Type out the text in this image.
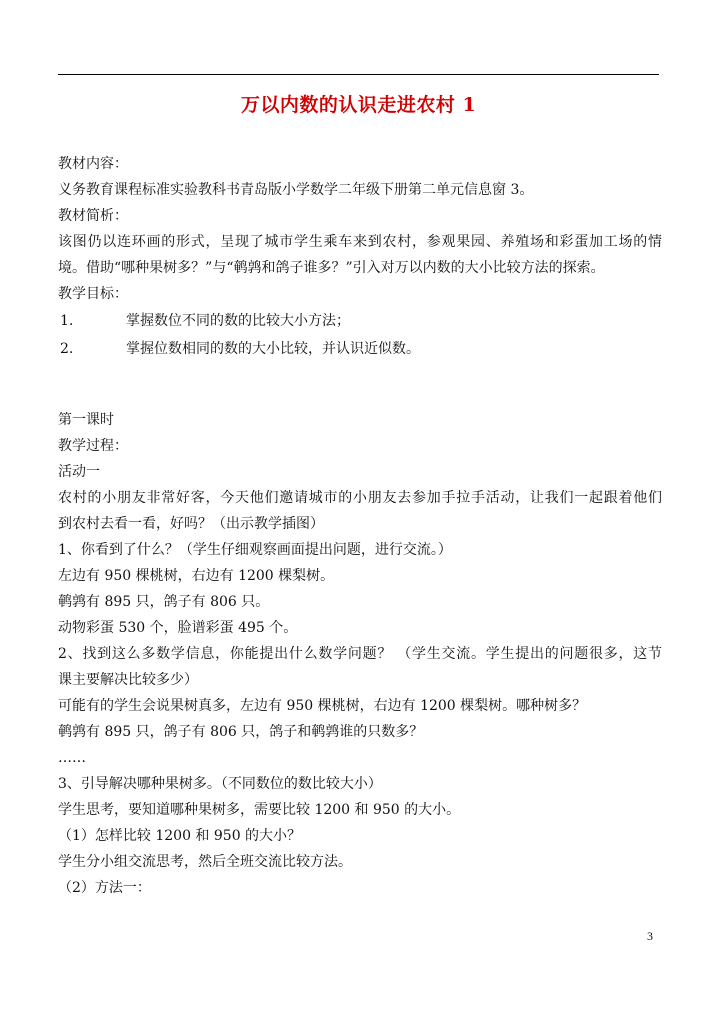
万以内数的认识走进农村 1
教材内容：
义务教育课程标准实验教科书青岛版小学数学二年级下册第二单元信息窗 3。
教材简析：
该图仍以连环画的形式，呈现了城市学生乘车来到农村，参观果园、养殖场和彩蛋加工场的情
境。借助“哪种果树多？”与“鹌鹑和鸽子谁多？”引入对万以内数的大小比较方法的探索。
教学目标：
1.	掌握数位不同的数的比较大小方法；
2.	掌握位数相同的数的大小比较，并认识近似数。
第一课时
教学过程：
活动一
农村的小朋友非常好客，今天他们邀请城市的小朋友去参加手拉手活动，让我们一起跟着他们
到农村去看一看，好吗？（出示教学插图）
1、你看到了什么？（学生仔细观察画面提出问题，进行交流。）
左边有 950 棵桃树，右边有 1200 棵梨树。
鹌鹑有 895 只，鸽子有 806 只。
动物彩蛋 530 个，脸谱彩蛋 495 个。
2、找到这么多数学信息，你能提出什么数学问题？ （学生交流。学生提出的问题很多，这节
课主要解决比较多少）
可能有的学生会说果树真多，左边有 950 棵桃树，右边有 1200 棵梨树。哪种树多？
鹌鹑有 895 只，鸽子有 806 只，鸽子和鹌鹑谁的只数多？
……
3、引导解决哪种果树多。（不同数位的数比较大小）
学生思考，要知道哪种果树多，需要比较 1200 和 950 的大小。
（1）怎样比较 1200 和 950 的大小？
学生分小组交流思考，然后全班交流比较方法。
（2）方法一：
3
